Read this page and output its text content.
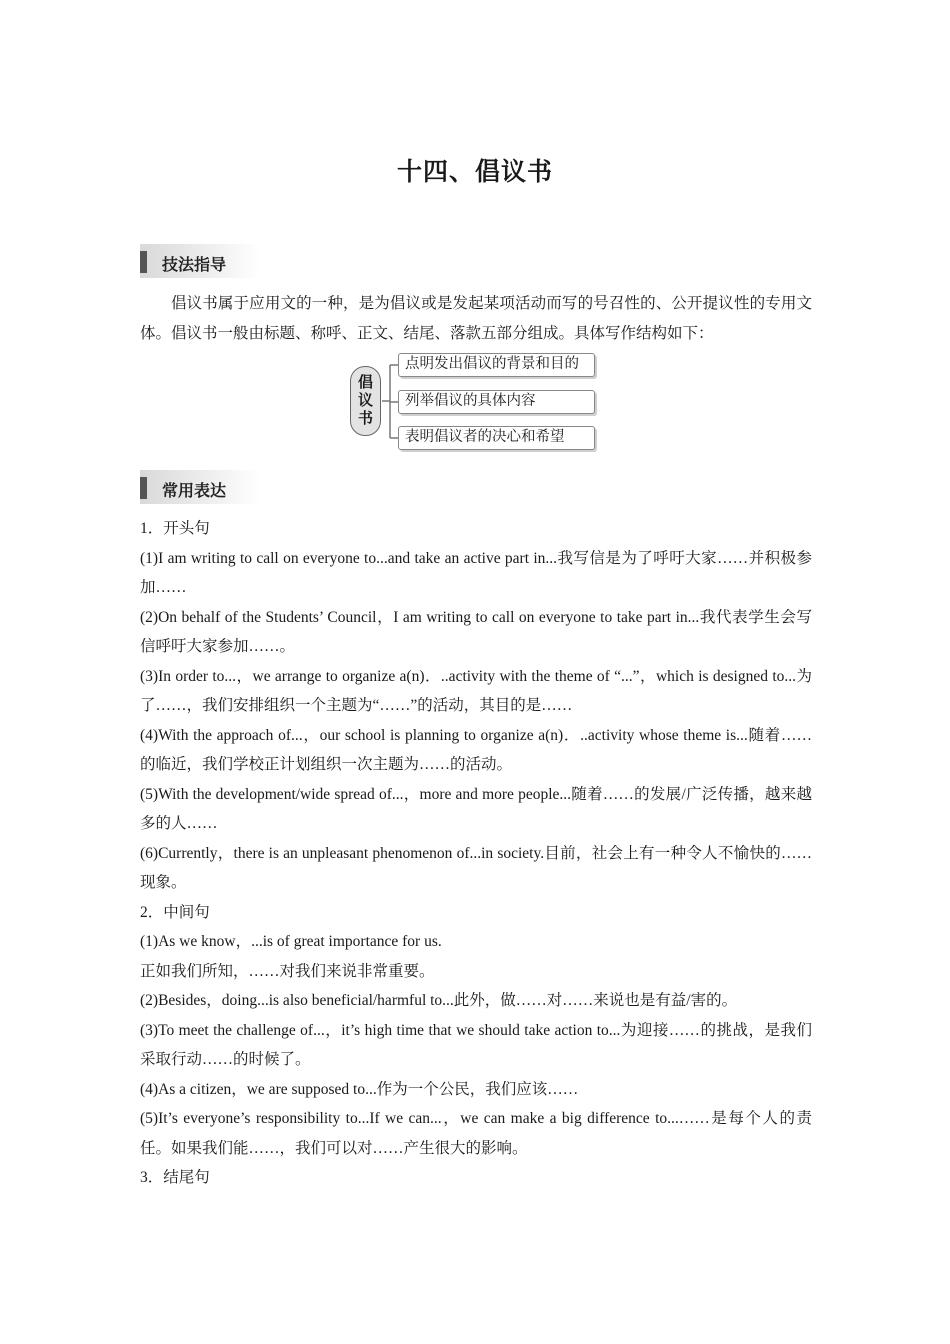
十四、倡议书
技法指导

倡议书属于应用文的一种，是为倡议或是发起某项活动而写的号召性的、公开提议性的专用文体。倡议书一般由标题、称呼、正文、结尾、落款五部分组成。具体写作结构如下：

倡
议
书
点明发出倡议的背景和目的
列举倡议的具体内容
表明倡议者的决心和希望
常用表达

1．开头句

(1)I am writing to call on everyone to...and take an active part in...我写信是为了呼吁大家……并积极参加……

(2)On behalf of the Students’ Council，I am writing to call on everyone to take part in...我代表学生会写信呼吁大家参加……。

(3)In order to...，we arrange to organize a(n)．..activity with the theme of “...”，which is designed to...为了……，我们安排组织一个主题为“……”的活动，其目的是……

(4)With the approach of...，our school is planning to organize a(n)．..activity whose theme is...随着……的临近，我们学校正计划组织一次主题为……的活动。

(5)With the development/wide spread of...，more and more people...随着……的发展/广泛传播，越来越多的人……

(6)Currently，there is an unpleasant phenomenon of...in society.目前，社会上有一种令人不愉快的……现象。

2．中间句

(1)As we know，...is of great importance for us.

正如我们所知，……对我们来说非常重要。

(2)Besides，doing...is also beneficial/harmful to...此外，做……对……来说也是有益/害的。

(3)To meet the challenge of...，it’s high time that we should take action to...为迎接……的挑战，是我们采取行动……的时候了。

(4)As a citizen，we are supposed to...作为一个公民，我们应该……

(5)It’s everyone’s responsibility to...If we can...，we can make a big difference to...……是每个人的责任。如果我们能……，我们可以对……产生很大的影响。

3．结尾句
